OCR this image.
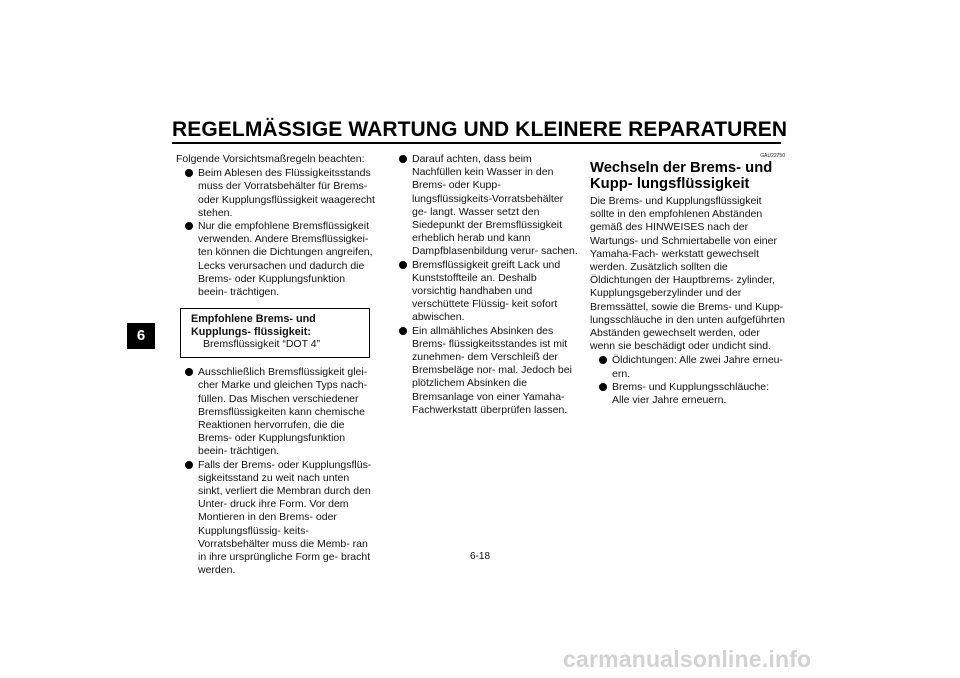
REGELMÄSSIGE WARTUNG UND KLEINERE REPARATUREN
6

Folgende Vorsichtsmaßregeln beachten:

Beim Ablesen des Flüssigkeitsstands muss der Vorratsbehälter für Brems- oder Kupplungsflüssigkeit waagerecht stehen.
Nur die empfohlene Bremsflüssigkeit verwenden. Andere Bremsflüssigkei- ten können die Dichtungen angreifen, Lecks verursachen und dadurch die Brems- oder Kupplungsfunktion beein- trächtigen.

Empfohlene Brems- und Kupplungs- flüssigkeit:

Bremsflüssigkeit “DOT 4”

Ausschließlich Bremsflüssigkeit glei- cher Marke und gleichen Typs nach- füllen. Das Mischen verschiedener Bremsflüssigkeiten kann chemische Reaktionen hervorrufen, die die Brems- oder Kupplungsfunktion beein- trächtigen.
Falls der Brems- oder Kupplungsflüs- sigkeitsstand zu weit nach unten sinkt, verliert die Membran durch den Unter- druck ihre Form. Vor dem Montieren in den Brems- oder Kupplungsflüssig- keits-Vorratsbehälter muss die Memb- ran in ihre ursprüngliche Form ge- bracht werden.
Darauf achten, dass beim Nachfüllen kein Wasser in den Brems- oder Kupp- lungsflüssigkeits-Vorratsbehälter ge- langt. Wasser setzt den Siedepunkt der Bremsflüssigkeit erheblich herab und kann Dampfblasenbildung verur- sachen.
Bremsflüssigkeit greift Lack und Kunststoffteile an. Deshalb vorsichtig handhaben und verschüttete Flüssig- keit sofort abwischen.
Ein allmähliches Absinken des Brems- flüssigkeitsstandes ist mit zunehmen- dem Verschleiß der Bremsbeläge nor- mal. Jedoch bei plötzlichem Absinken die Bremsanlage von einer Yamaha- Fachwerkstatt überprüfen lassen.

GAU22750

Wechseln der Brems- und Kupp- lungsflüssigkeit

Die Brems- und Kupplungsflüssigkeit sollte in den empfohlenen Abständen gemäß des HINWEISES nach der Wartungs- und Schmiertabelle von einer Yamaha-Fach- werkstatt gewechselt werden. Zusätzlich sollten die Öldichtungen der Hauptbrems- zylinder, Kupplungsgeberzylinder und der Bremssättel, sowie die Brems- und Kupp- lungsschläuche in den unten aufgeführten Abständen gewechselt werden, oder wenn sie beschädigt oder undicht sind.

Öldichtungen: Alle zwei Jahre erneu- ern.
Brems- und Kupplungsschläuche: Alle vier Jahre erneuern.
6-18
carmanualsonline.info
